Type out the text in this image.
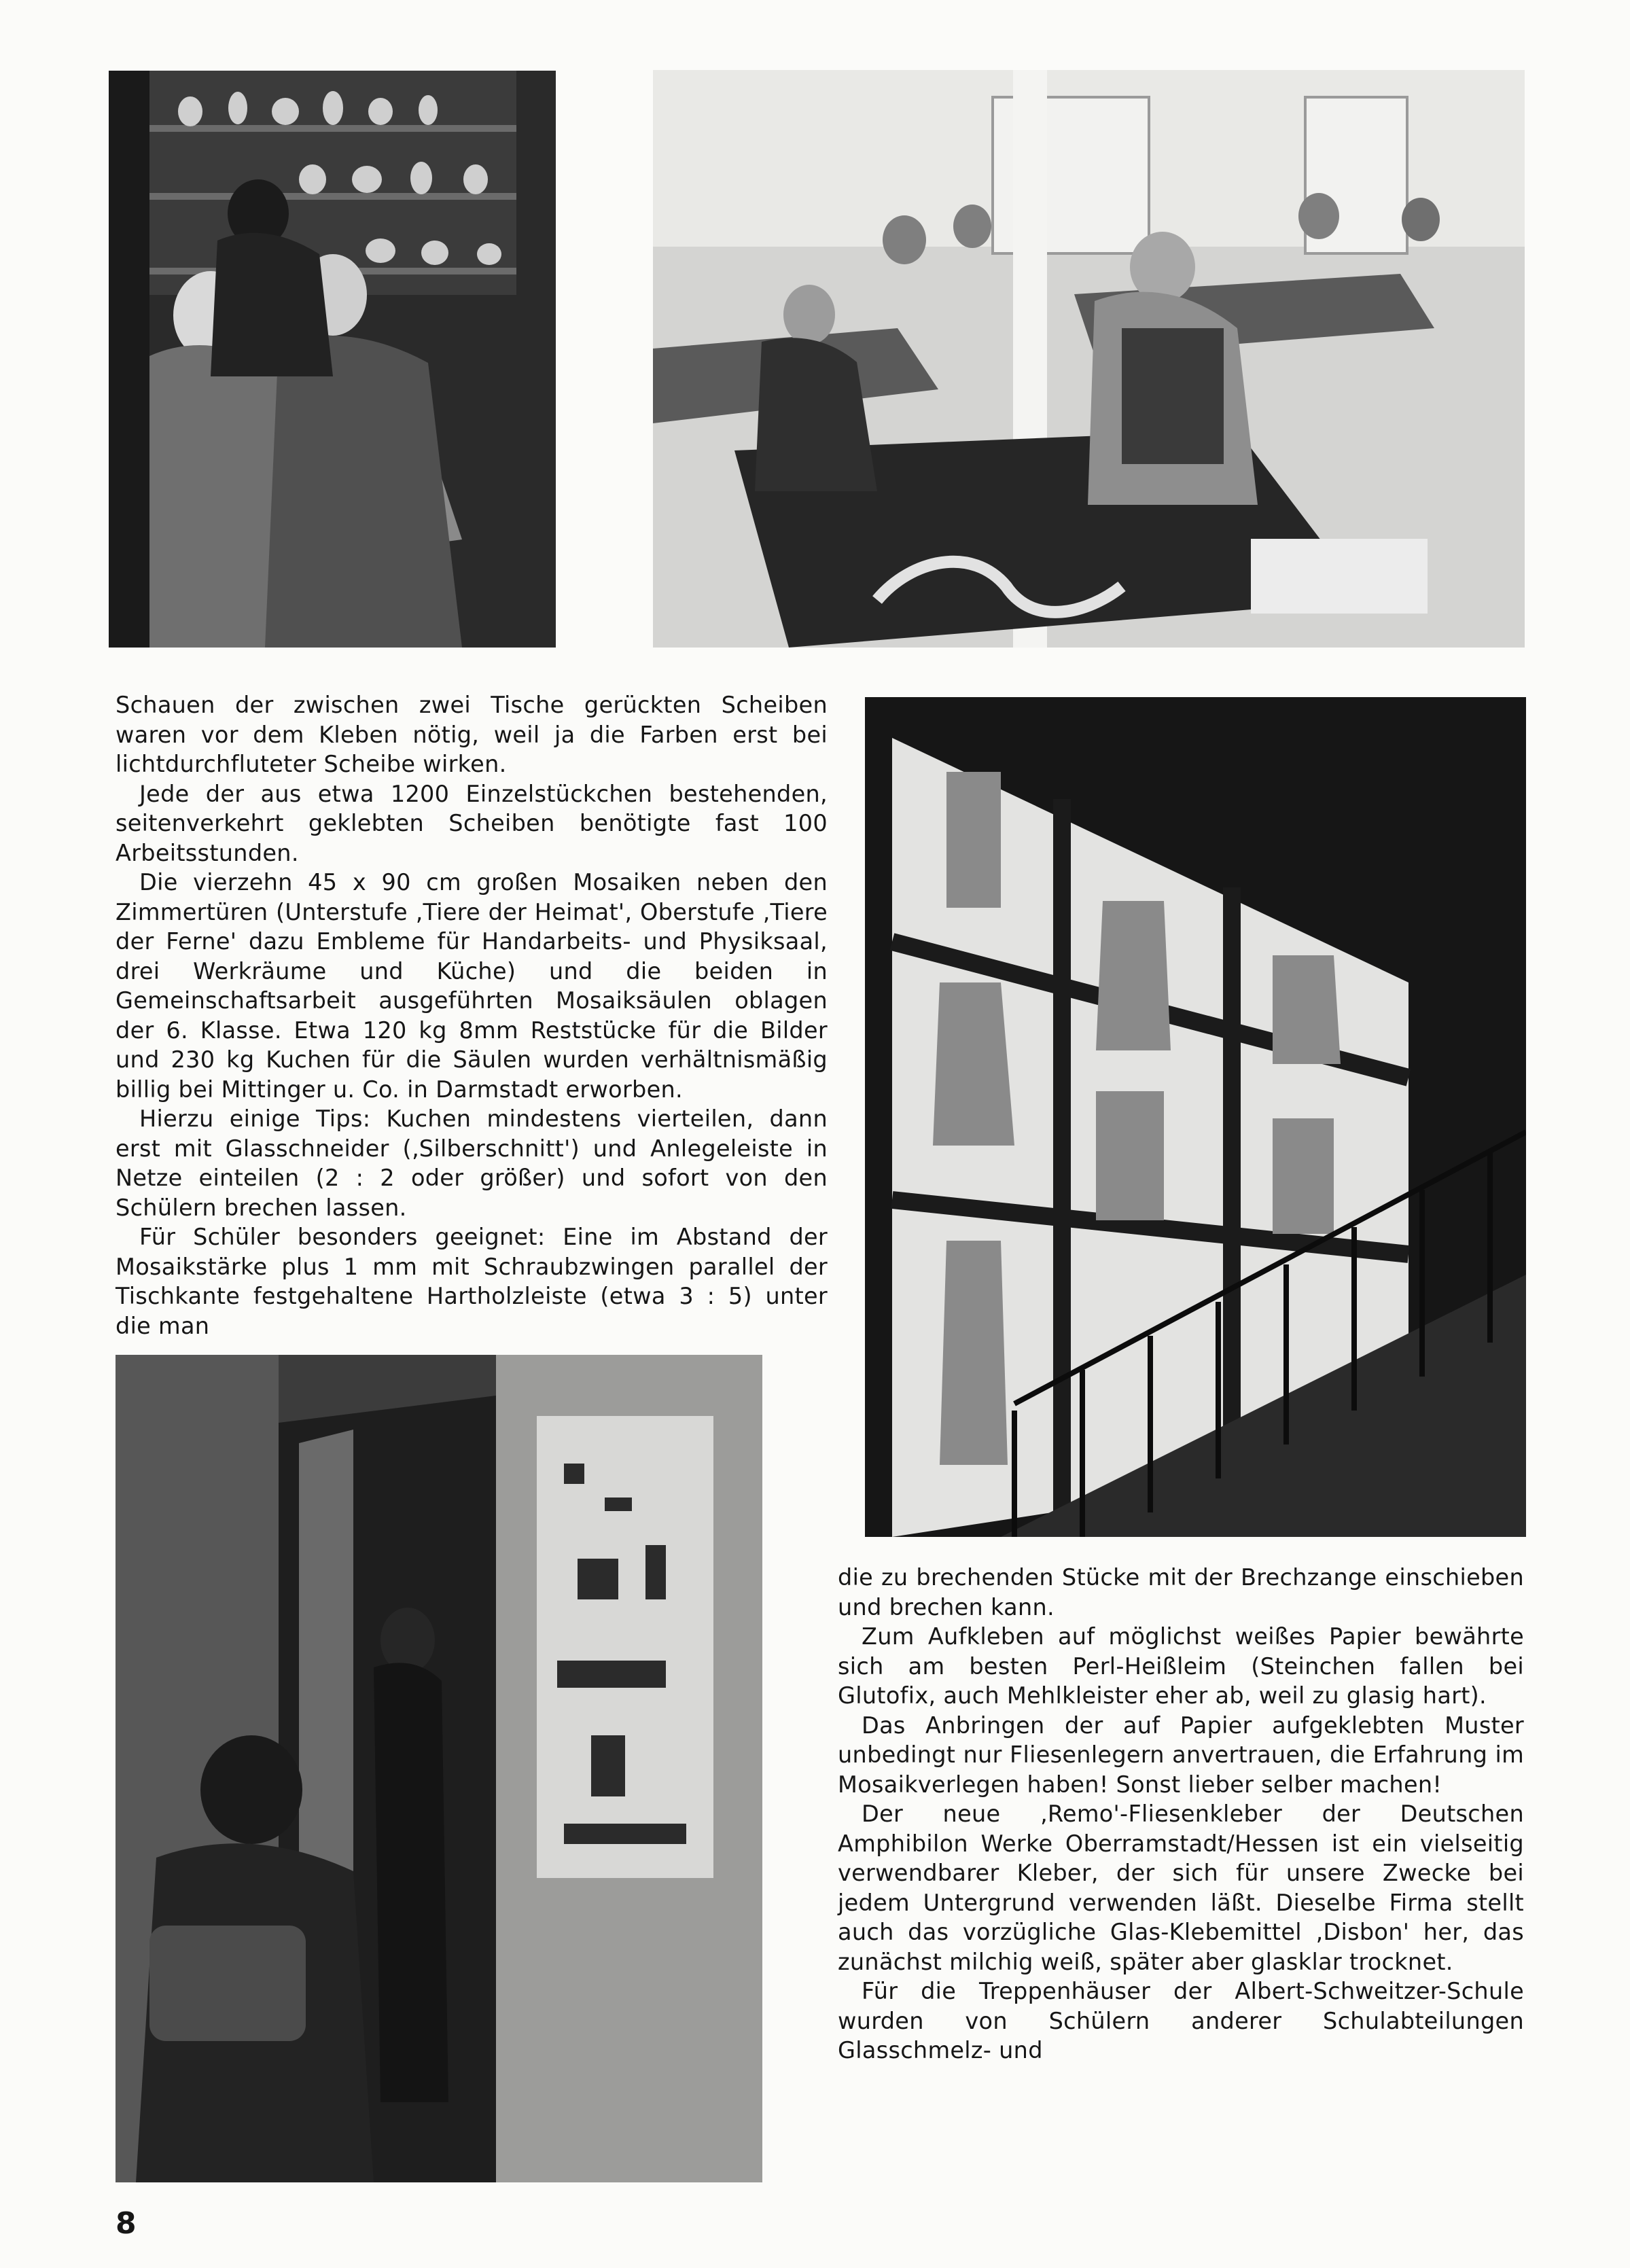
Schauen der zwischen zwei Tische gerückten Scheiben waren vor dem Kleben nötig, weil ja die Farben erst bei lichtdurchfluteter Scheibe wirken.

Jede der aus etwa 1200 Einzelstückchen bestehenden, seitenverkehrt geklebten Scheiben benötigte fast 100 Arbeitsstunden.

Die vierzehn 45 x 90 cm großen Mosaiken neben den Zimmertüren (Unterstufe ‚Tiere der Heimat', Oberstufe ‚Tiere der Ferne' dazu Embleme für Handarbeits- und Physiksaal, drei Werkräume und Küche) und die beiden in Gemeinschaftsarbeit ausgeführten Mosaiksäulen oblagen der 6. Klasse. Etwa 120 kg 8mm Reststücke für die Bilder und 230 kg Kuchen für die Säulen wurden verhältnismäßig billig bei Mittinger u. Co. in Darmstadt erworben.

Hierzu einige Tips: Kuchen mindestens vierteilen, dann erst mit Glasschneider (‚Silberschnitt') und Anlegeleiste in Netze einteilen (2 : 2 oder größer) und sofort von den Schülern brechen lassen.

Für Schüler besonders geeignet: Eine im Abstand der Mosaikstärke plus 1 mm mit Schraubzwingen parallel der Tischkante festgehaltene Hartholzleiste (etwa 3 : 5) unter die man

die zu brechenden Stücke mit der Brechzange einschieben und brechen kann.

Zum Aufkleben auf möglichst weißes Papier bewährte sich am besten Perl-Heißleim (Steinchen fallen bei Glutofix, auch Mehlkleister eher ab, weil zu glasig hart).

Das Anbringen der auf Papier aufgeklebten Muster unbedingt nur Fliesenlegern anvertrauen, die Erfahrung im Mosaikverlegen haben! Sonst lieber selber machen!

Der neue ‚Remo'-Fliesenkleber der Deutschen Amphibilon Werke Oberramstadt/Hessen ist ein vielseitig verwendbarer Kleber, der sich für unsere Zwecke bei jedem Untergrund verwenden läßt. Dieselbe Firma stellt auch das vorzügliche Glas-Klebemittel ‚Disbon' her, das zunächst milchig weiß, später aber glasklar trocknet.

Für die Treppenhäuser der Albert-Schweitzer-Schule wurden von Schülern anderer Schulabteilungen Glasschmelz- und

8
